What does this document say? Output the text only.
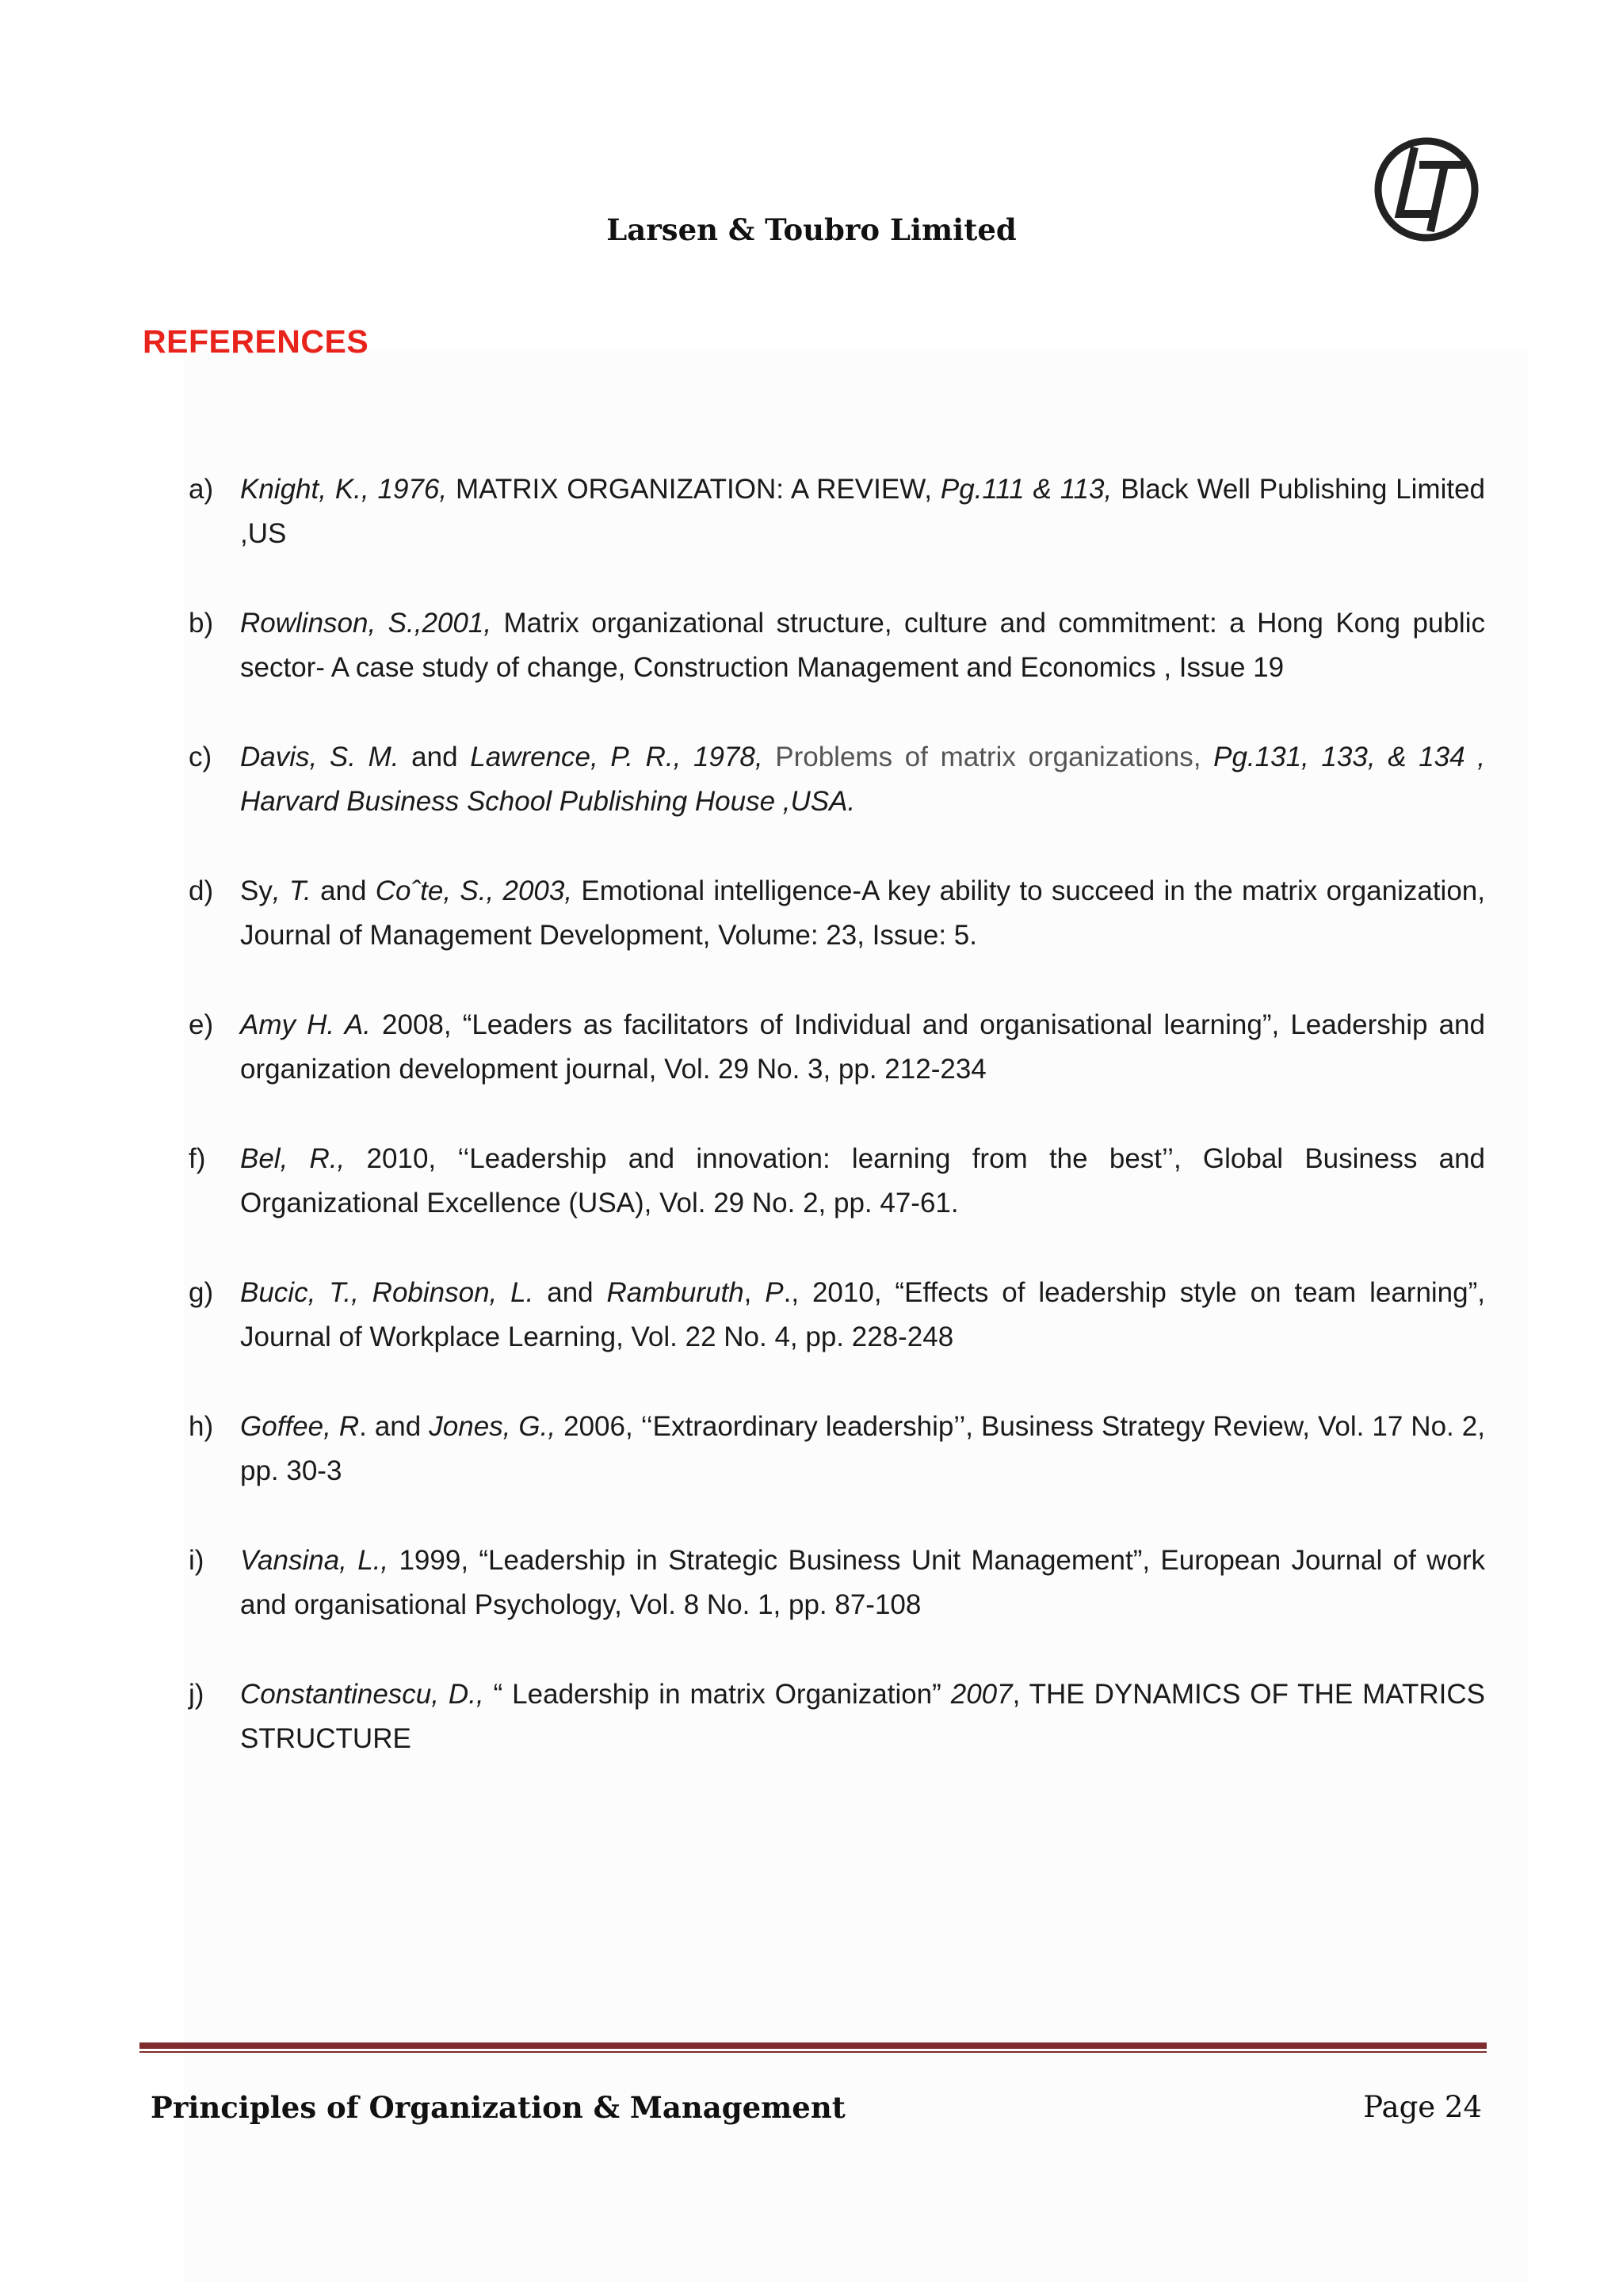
Larsen & Toubro Limited
REFERENCES
a) Knight, K., 1976, MATRIX ORGANIZATION: A REVIEW, Pg.111 & 113, Black Well Publishing Limited ,US
b) Rowlinson, S.,2001, Matrix organizational structure, culture and commitment: a Hong Kong public sector- A case study of change, Construction Management and Economics , Issue 19
c) Davis, S. M. and Lawrence, P. R., 1978, Problems of matrix organizations, Pg.131, 133, & 134 , Harvard Business School Publishing House ,USA.
d) Sy, T. and Coˆte, S., 2003, Emotional intelligence-A key ability to succeed in the matrix organization, Journal of Management Development, Volume: 23, Issue: 5.
e) Amy H. A. 2008, “Leaders as facilitators of Individual and organisational learning”, Leadership and organization development journal, Vol. 29 No. 3, pp. 212-234
f) Bel, R., 2010, ‘‘Leadership and innovation: learning from the best’’, Global Business and Organizational Excellence (USA), Vol. 29 No. 2, pp. 47-61.
g) Bucic, T., Robinson, L. and Ramburuth, P., 2010, “Effects of leadership style on team learning”, Journal of Workplace Learning, Vol. 22 No. 4, pp. 228-248
h) Goffee, R. and Jones, G., 2006, ‘‘Extraordinary leadership’’, Business Strategy Review, Vol. 17 No. 2, pp. 30-3
i) Vansina, L., 1999, “Leadership in Strategic Business Unit Management”, European Journal of work and organisational Psychology, Vol. 8 No. 1, pp. 87-108
j) Constantinescu, D., “ Leadership in matrix Organization” 2007, THE DYNAMICS OF THE MATRICS STRUCTURE
Principles of Organization & Management	Page 24
